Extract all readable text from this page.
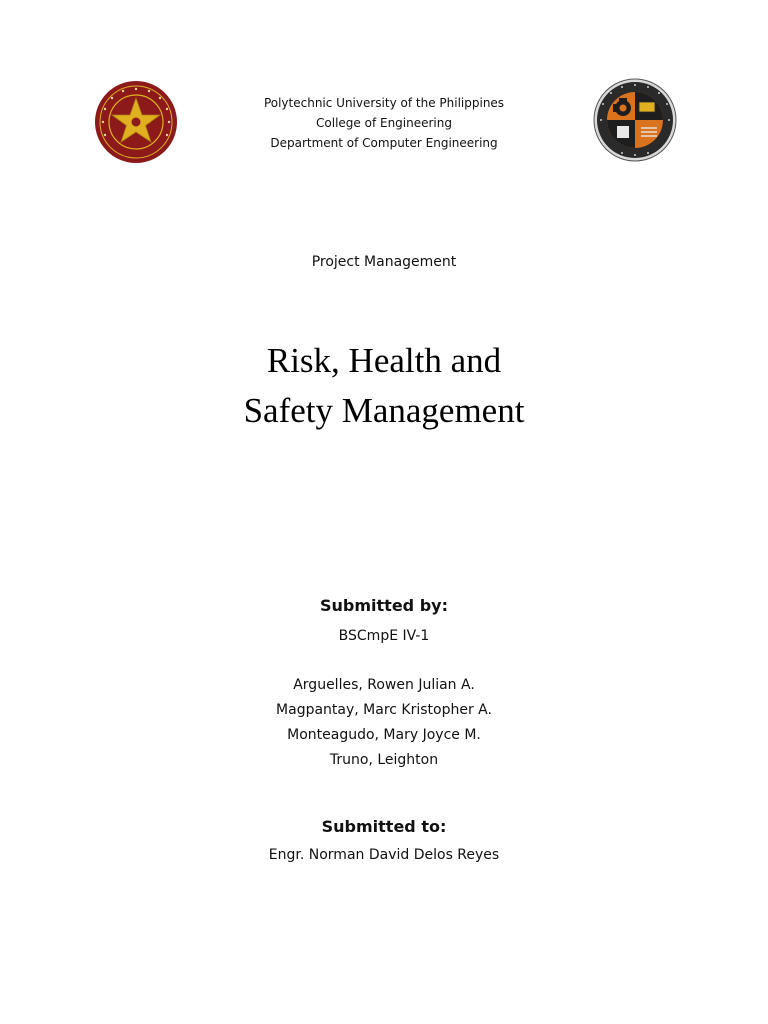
Polytechnic University of the Philippines
College of Engineering
Department of Computer Engineering
Project Management
Risk, Health and
Safety Management
Submitted by:
BSCmpE IV-1
Arguelles, Rowen Julian A.
Magpantay, Marc Kristopher A.
Monteagudo, Mary Joyce M.
Truno, Leighton
Submitted to:
Engr. Norman David Delos Reyes
